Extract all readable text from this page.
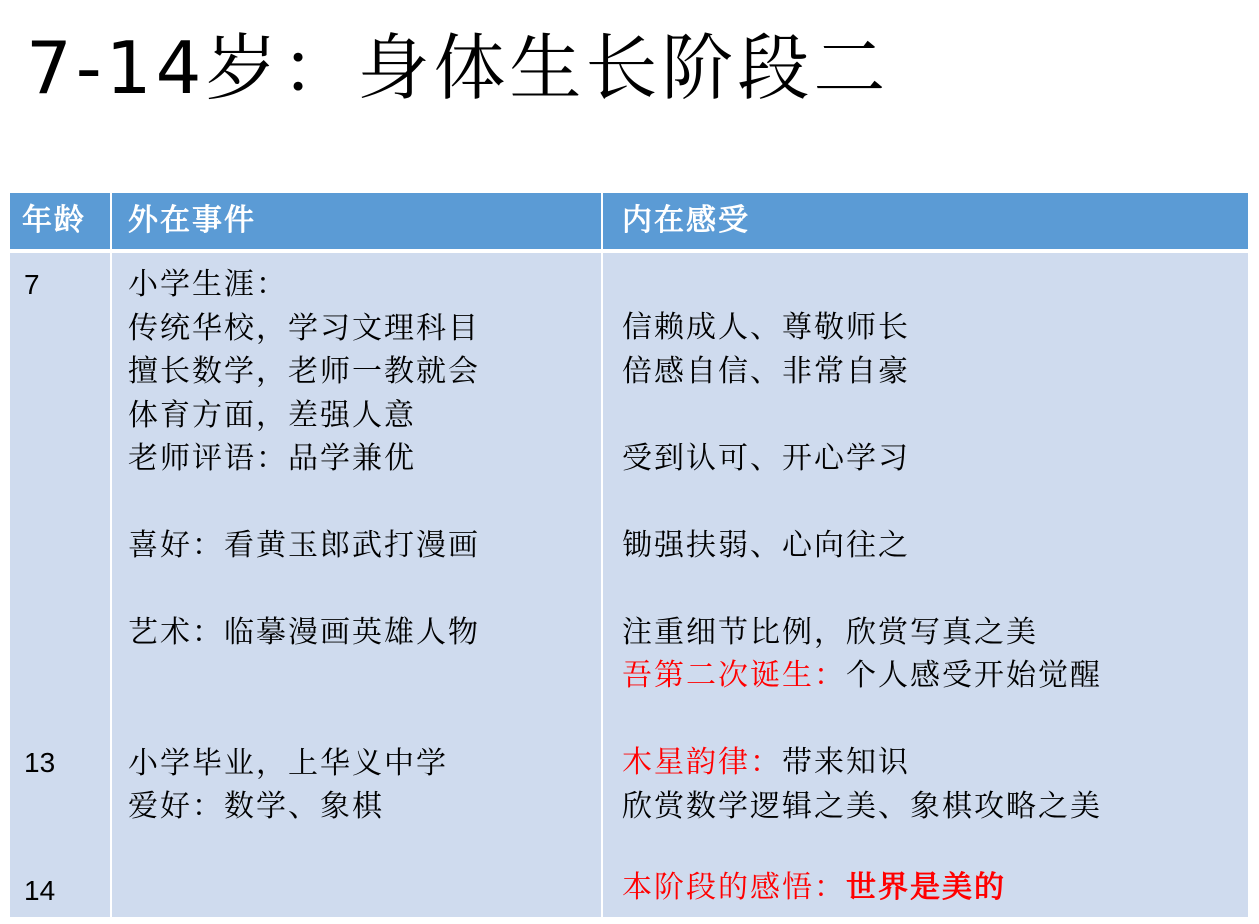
7-14岁：身体生长阶段二
年龄 外在事件	内在感受
7
13
14
小学生涯：
传统华校，学习文理科目
擅长数学，老师一教就会
体育方面，差强人意
老师评语：品学兼优
喜好：看黄玉郎武打漫画
艺术：临摹漫画英雄人物
小学毕业，上华义中学
爱好：数学、象棋
信赖成人、尊敬师长
倍感自信、非常自豪
受到认可、开心学习
锄强扶弱、心向往之
注重细节比例，欣赏写真之美
吾第二次诞生：个人感受开始觉醒
木星韵律：带来知识
欣赏数学逻辑之美、象棋攻略之美
本阶段的感悟：世界是美的
